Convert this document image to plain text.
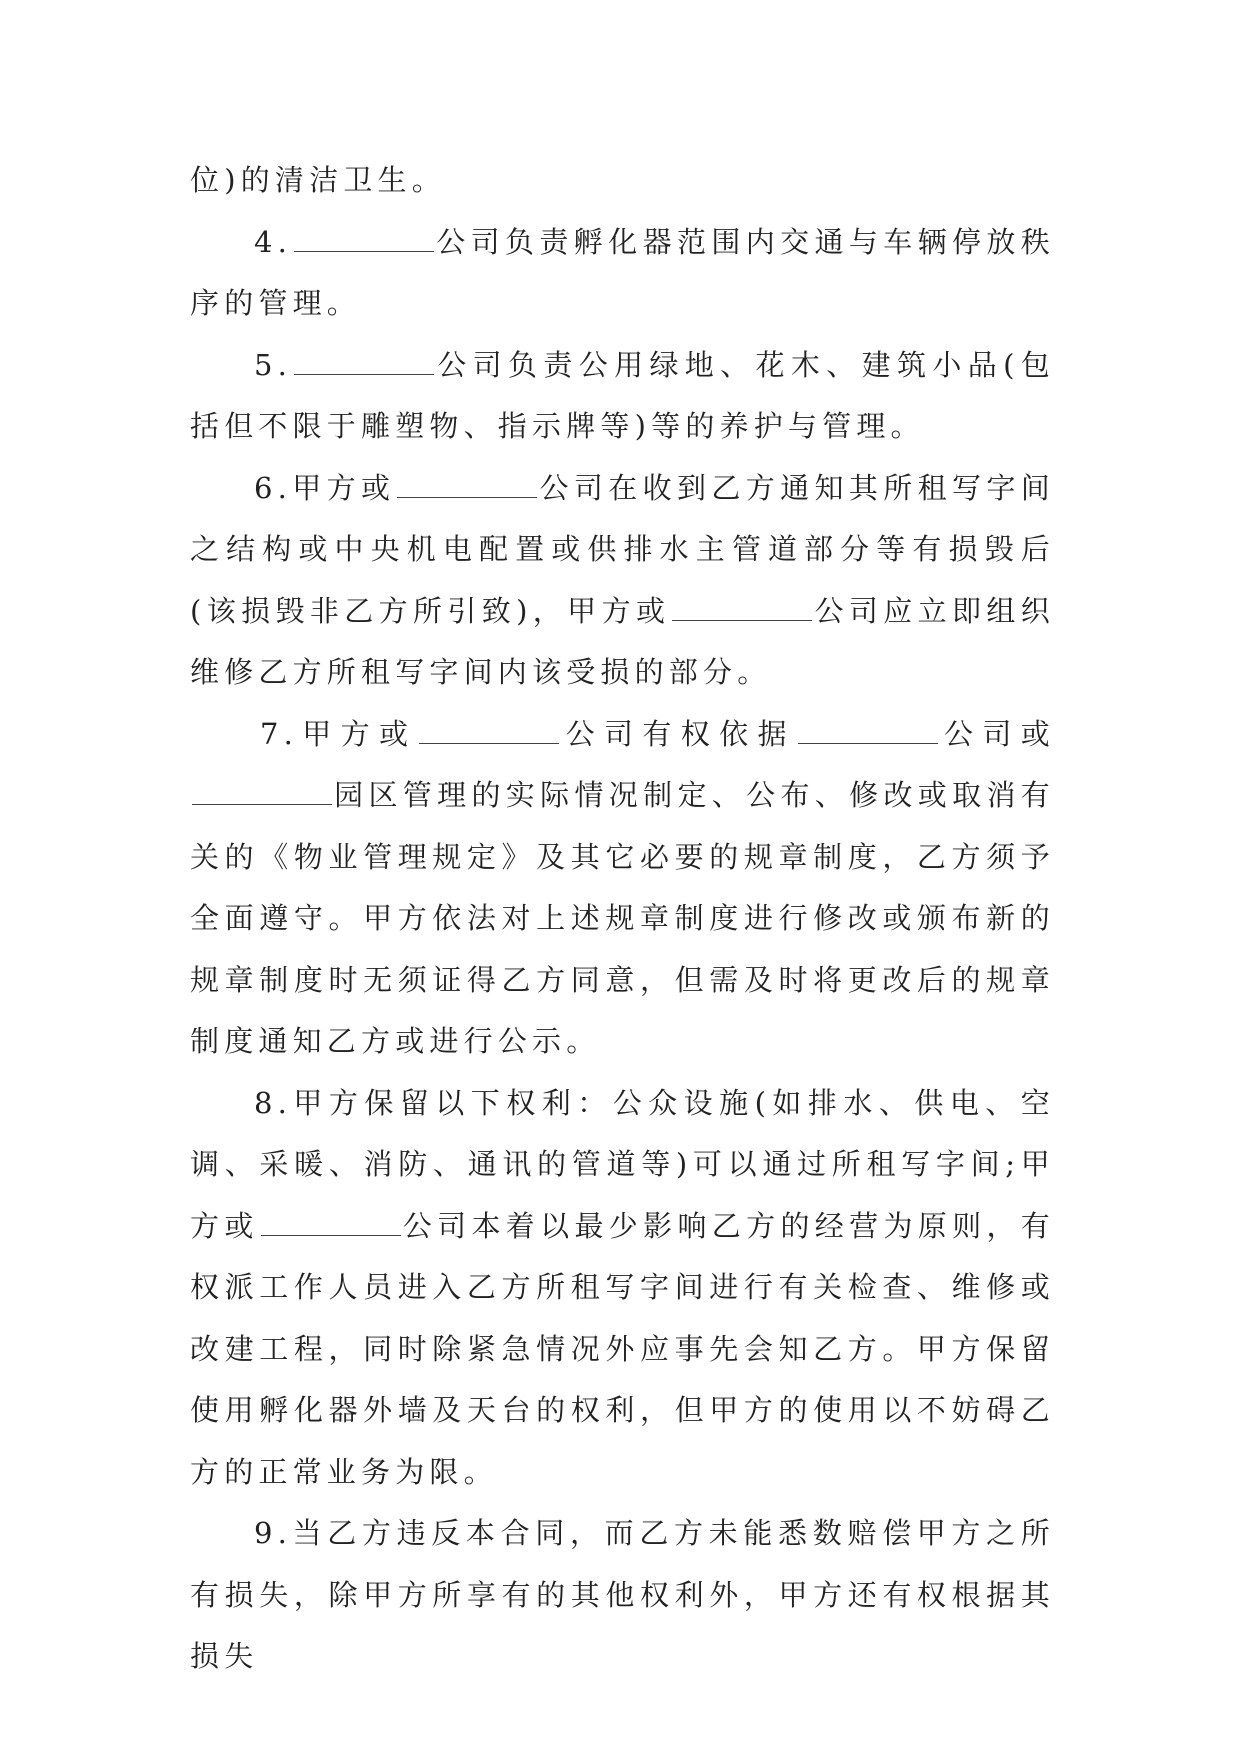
位)的清洁卫生。

4.	公司负责孵化器范围内交通与车辆停放秩序的管理。

5.	公司负责公用绿地、花木、建筑小品(包括但不限于雕塑物、指示牌等)等的养护与管理。

6.甲方或	公司在收到乙方通知其所租写字间之结构或中央机电配置或供排水主管道部分等有损毁后(该损毁非乙方所引致)，甲方或	公司应立即组织维修乙方所租写字间内该受损的部分。

7.甲方或	公司有权依据	公司或园区管理的实际情况制定、公布、修改或取消有关的《物业管理规定》及其它必要的规章制度，乙方须予全面遵守。甲方依法对上述规章制度进行修改或颁布新的规章制度时无须证得乙方同意，但需及时将更改后的规章制度通知乙方或进行公示。

8.甲方保留以下权利：公众设施(如排水、供电、空调、采暖、消防、通讯的管道等)可以通过所租写字间;甲方或	公司本着以最少影响乙方的经营为原则，有权派工作人员进入乙方所租写字间进行有关检查、维修或改建工程，同时除紧急情况外应事先会知乙方。甲方保留使用孵化器外墙及天台的权利，但甲方的使用以不妨碍乙方的正常业务为限。

9.当乙方违反本合同，而乙方未能悉数赔偿甲方之所有损失，除甲方所享有的其他权利外，甲方还有权根据其损失
